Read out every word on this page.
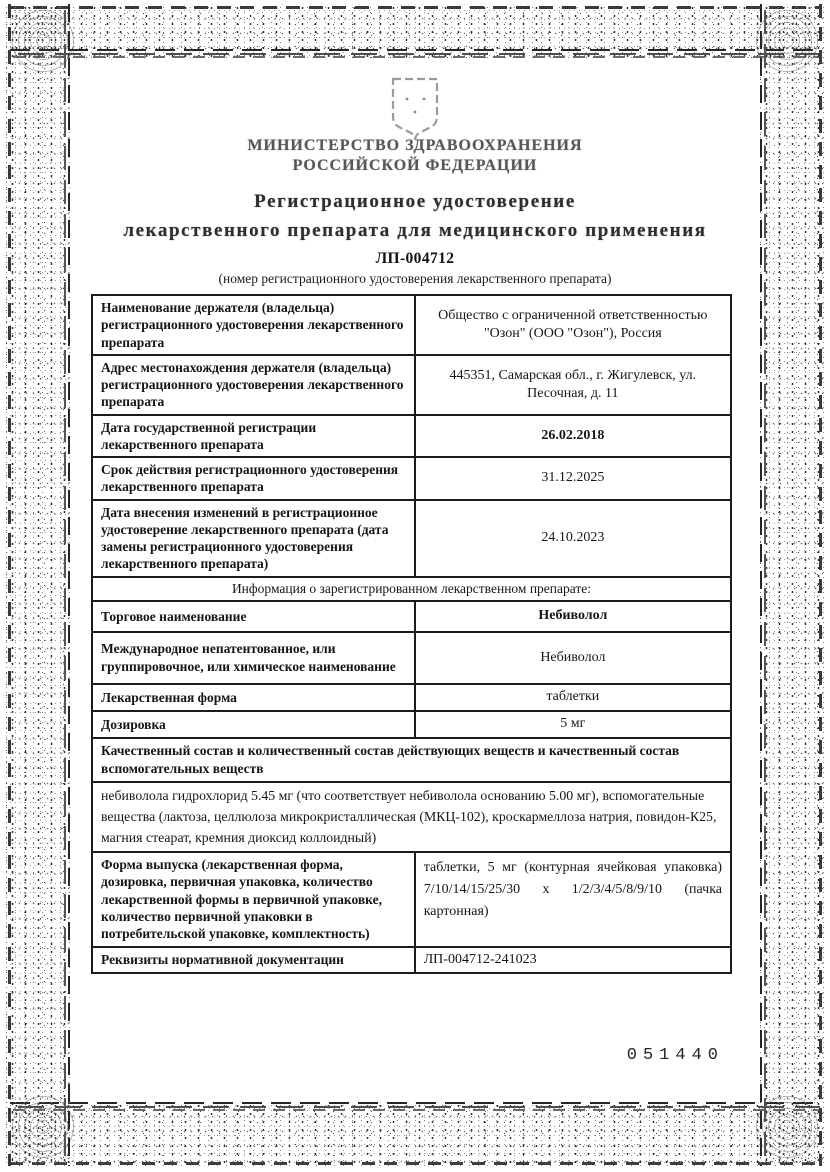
МИНИСТЕРСТВО ЗДРАВООХРАНЕНИЯ
РОССИЙСКОЙ ФЕДЕРАЦИИ
Регистрационное удостоверение
лекарственного препарата для медицинского применения
ЛП-004712
(номер регистрационного удостоверения лекарственного препарата)
Наименование держателя (владельца) регистрационного удостоверения лекарственного препарата	Общество с ограниченной ответственностью "Озон" (ООО "Озон"), Россия
Адрес местонахождения держателя (владельца) регистрационного удостоверения лекарственного препарата	445351, Самарская обл., г. Жигулевск, ул. Песочная, д. 11
Дата государственной регистрации лекарственного препарата	26.02.2018
Срок действия регистрационного удостоверения лекарственного препарата	31.12.2025
Дата внесения изменений в регистрационное удостоверение лекарственного препарата (дата замены регистрационного удостоверения лекарственного препарата)	24.10.2023
Информация о зарегистрированном лекарственном препарате:	
Торговое наименование	Небиволол
Международное непатентованное, или группировочное, или химическое наименование	Небиволол
Лекарственная форма	таблетки
Дозировка	5 мг
Качественный состав и количественный состав действующих веществ и качественный состав вспомогательных веществ	
небиволола гидрохлорид 5.45 мг (что соответствует небиволола основанию 5.00 мг), вспомогательные вещества (лактоза, целлюлоза микрокристаллическая (МКЦ-102), кроскармеллоза натрия, повидон-К25, магния стеарат, кремния диоксид коллоидный)	
Форма выпуска (лекарственная форма, дозировка, первичная упаковка, количество лекарственной формы в первичной упаковке, количество первичной упаковки в потребительской упаковке, комплектность)	таблетки, 5 мг (контурная ячейковая упаковка) 7/10/14/15/25/30 х 1/2/3/4/5/8/9/10 (пачка картонная)
Реквизиты нормативной документации	ЛП-004712-241023
051440
